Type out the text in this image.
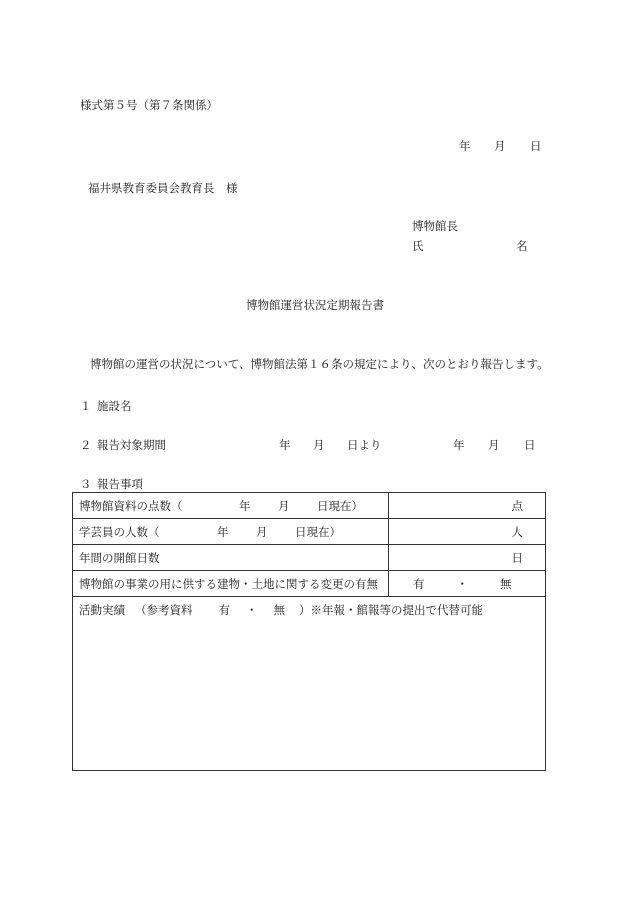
様式第５号（第７条関係）
年 月 日
福井県教育委員会教育長　様
博物館長
氏	名
博物館運営状況定期報告書
博物館の運営の状況について、博物館法第１６条の規定により、次のとおり報告します。
１ 施設名
２ 報告対象期間	年 月 日より	年 月 日
３ 報告事項
博物館資料の点数（ 年 月 日現在）	点

学芸員の人数（ 年 月 日現在）	人
年間の開館日数	日
博物館の事業の用に供する建物・土地に関する変更の有無	有 ・ 無
活動実績 （参考資料 有 ・ 無 ）※年報・館報等の提出で代替可能	
